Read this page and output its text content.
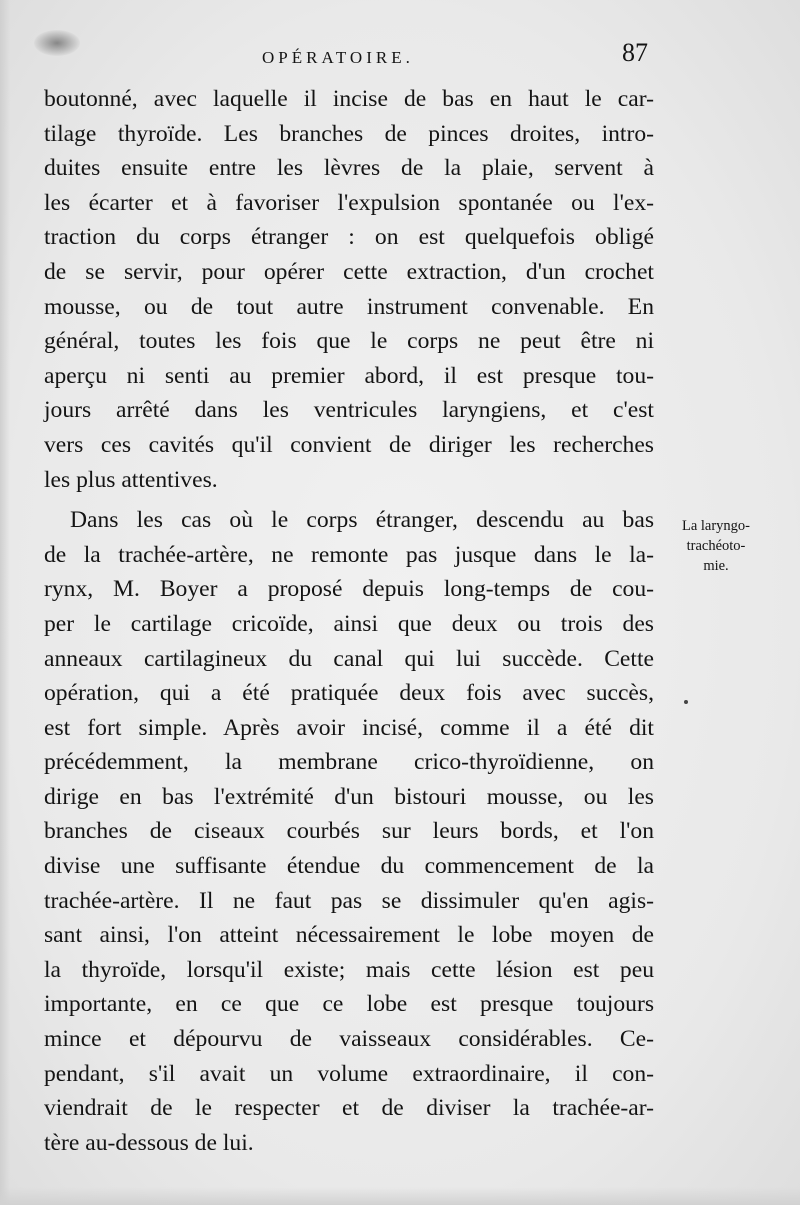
OPÉRATOIRE.	87
boutonné, avec laquelle il incise de bas en haut le car-
tilage thyroïde. Les branches de pinces droites, intro-
duites ensuite entre les lèvres de la plaie, servent à
les écarter et à favoriser l'expulsion spontanée ou l'ex-
traction du corps étranger : on est quelquefois obligé
de se servir, pour opérer cette extraction, d'un crochet
mousse, ou de tout autre instrument convenable. En
général, toutes les fois que le corps ne peut être ni
aperçu ni senti au premier abord, il est presque tou-
jours arrêté dans les ventricules laryngiens, et c'est
vers ces cavités qu'il convient de diriger les recherches
les plus attentives.
Dans les cas où le corps étranger, descendu au bas
de la trachée-artère, ne remonte pas jusque dans le la-
rynx, M. Boyer a proposé depuis long-temps de cou-
per le cartilage cricoïde, ainsi que deux ou trois des
anneaux cartilagineux du canal qui lui succède. Cette
opération, qui a été pratiquée deux fois avec succès,
est fort simple. Après avoir incisé, comme il a été dit
précédemment, la membrane crico-thyroïdienne, on
dirige en bas l'extrémité d'un bistouri mousse, ou les
branches de ciseaux courbés sur leurs bords, et l'on
divise une suffisante étendue du commencement de la
trachée-artère. Il ne faut pas se dissimuler qu'en agis-
sant ainsi, l'on atteint nécessairement le lobe moyen de
la thyroïde, lorsqu'il existe; mais cette lésion est peu
importante, en ce que ce lobe est presque toujours
mince et dépourvu de vaisseaux considérables. Ce-
pendant, s'il avait un volume extraordinaire, il con-
viendrait de le respecter et de diviser la trachée-ar-
tère au-dessous de lui.
La laryngo-
trachéoto-
mie.
